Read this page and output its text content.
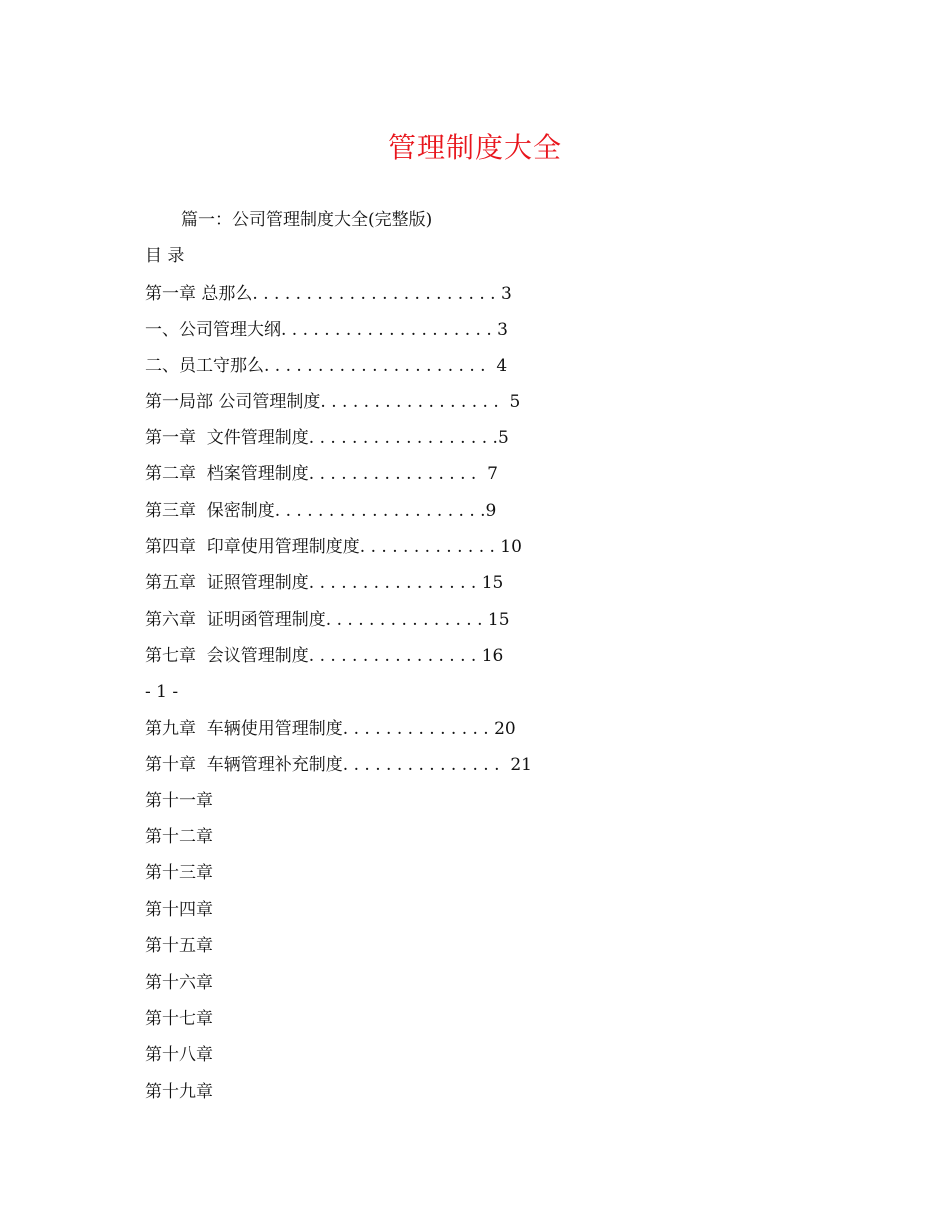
管理制度大全
篇一：公司管理制度大全(完整版)
目 录
第一章 总那么. . . . . . . . . . . . . . . . . . . . . . . 3
一、公司管理大纲. . . . . . . . . . . . . . . . . . . . 3
二、员工守那么. . . . . . . . . . . . . . . . . . . . .  4
第一局部 公司管理制度. . . . . . . . . . . . . . . . .  5
第一章  文件管理制度. . . . . . . . . . . . . . . . . .5
第二章  档案管理制度. . . . . . . . . . . . . . . .  7
第三章  保密制度. . . . . . . . . . . . . . . . . . . .9
第四章  印章使用管理制度度. . . . . . . . . . . . . 10
第五章  证照管理制度. . . . . . . . . . . . . . . . 15
第六章  证明函管理制度. . . . . . . . . . . . . . . 15
第七章  会议管理制度. . . . . . . . . . . . . . . . 16
- 1 -
第九章  车辆使用管理制度. . . . . . . . . . . . . . 20
第十章  车辆管理补充制度. . . . . . . . . . . . . . .  21
第十一章
第十二章
第十三章
第十四章
第十五章
第十六章
第十七章
第十八章
第十九章
